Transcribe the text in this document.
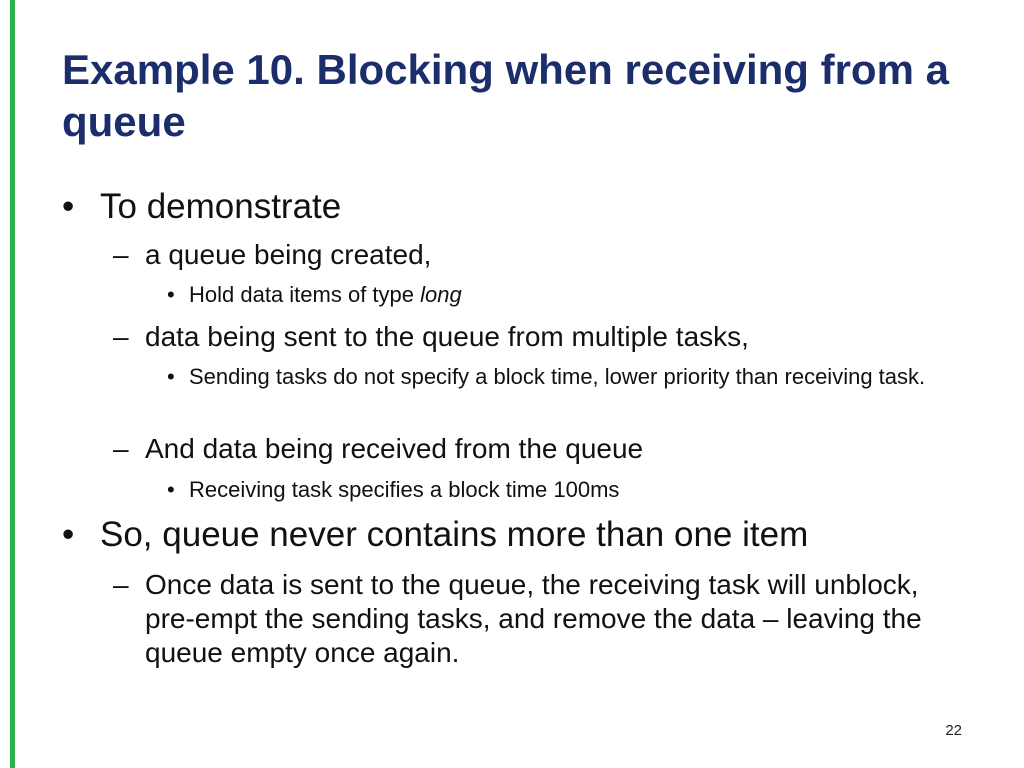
Example 10. Blocking when receiving from a queue
• To demonstrate
– a queue being created,
• Hold data items of type long
– data being sent to the queue from multiple tasks,
• Sending tasks do not specify a block time, lower priority than receiving task.
– And data being received from the queue
• Receiving task specifies a block time 100ms
• So, queue never contains more than one item
– Once data is sent to the queue, the receiving task will unblock, pre-empt the sending tasks, and remove the data – leaving the queue empty once again.
22
